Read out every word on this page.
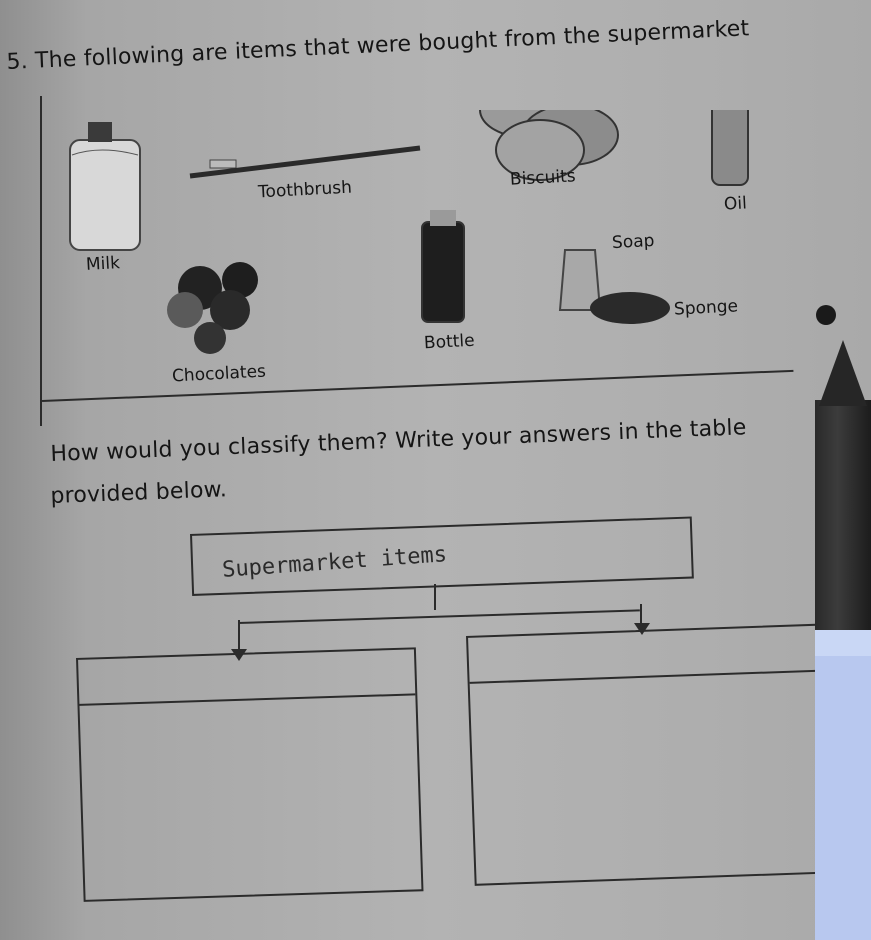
5. The following are items that were bought from the supermarket
Toothbrush	Biscuits
Oil
Milk
Soap
Sponge
Bottle
Chocolates
How would you classify them? Write your answers in the table
provided below.
Supermarket items
